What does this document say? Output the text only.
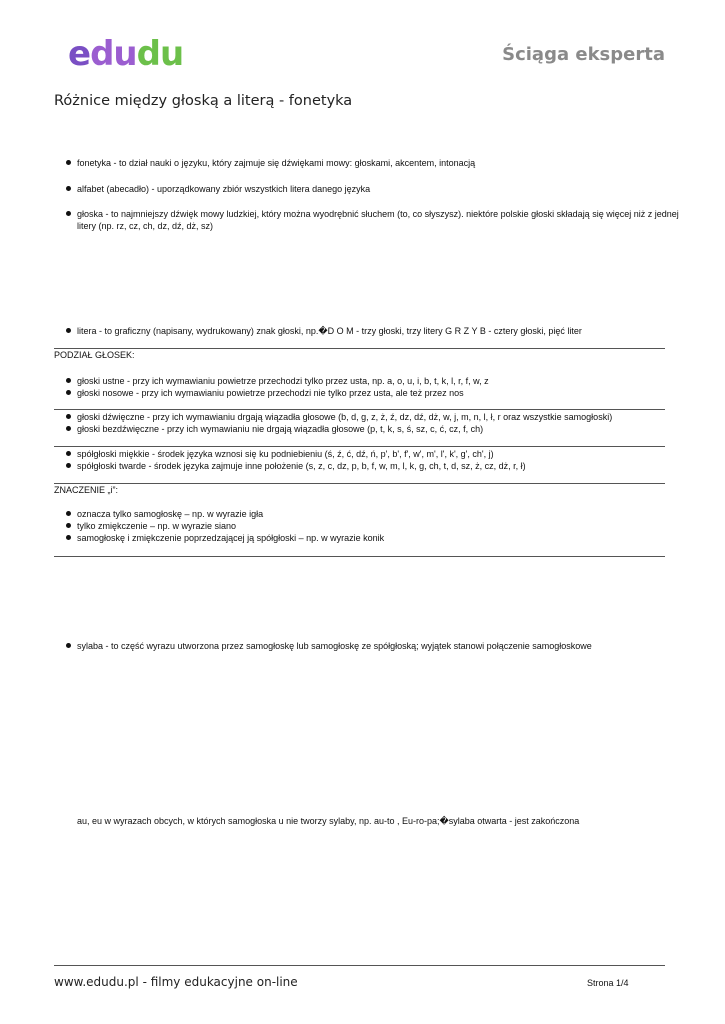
edudu	Ściąga eksperta
Różnice między głoską a literą - fonetyka
fonetyka - to dział nauki o języku, który zajmuje się dźwiękami mowy: głoskami, akcentem, intonacją
alfabet (abecadło) - uporządkowany zbiór wszystkich litera danego języka
głoska - to najmniejszy dźwięk mowy ludzkiej, który można wyodrębnić słuchem (to, co słyszysz). niektóre polskie głoski składają się więcej niż z jednej litery (np. rz, cz, ch, dz, dź, dż, sz)
litera - to graficzny (napisany, wydrukowany) znak głoski, np.�D O M - trzy głoski, trzy litery G R Z Y B - cztery głoski, pięć liter
PODZIAŁ GŁOSEK:
głoski ustne - przy ich wymawianiu powietrze przechodzi tylko przez usta, np. a, o, u, i, b, t, k, l, r, f, w, z
głoski nosowe - przy ich wymawianiu powietrze przechodzi nie tylko przez usta, ale też przez nos
głoski dźwięczne - przy ich wymawianiu drgają wiązadła głosowe (b, d, g, z, ż, ź, dz, dź, dż, w, j, m, n, l, ł, r oraz wszystkie samogłoski)
głoski bezdźwięczne - przy ich wymawianiu nie drgają wiązadła głosowe (p, t, k, s, ś, sz, c, ć, cz, f, ch)
spółgłoski miękkie - środek języka wznosi się ku podniebieniu (ś, ź, ć, dź, ń, p', b', f', w', m', l', k', g', ch', j)
spółgłoski twarde - środek języka zajmuje inne położenie (s, z, c, dz, p, b, f, w, m, l, k, g, ch, t, d, sz, ż, cz, dż, r, ł)
ZNACZENIE „i”:
oznacza tylko samogłoskę – np. w wyrazie igła
tylko zmiękczenie – np. w wyrazie siano
samogłoskę i zmiękczenie poprzedzającej ją spółgłoski – np. w wyrazie konik
sylaba - to część wyrazu utworzona przez samogłoskę lub samogłoskę ze spółgłoską; wyjątek stanowi połączenie samogłoskowe
au, eu w wyrazach obcych, w których samogłoska u nie tworzy sylaby, np. au-to , Eu-ro-pa;�sylaba otwarta - jest zakończona
www.edudu.pl - filmy edukacyjne on-line	Strona 1/4
